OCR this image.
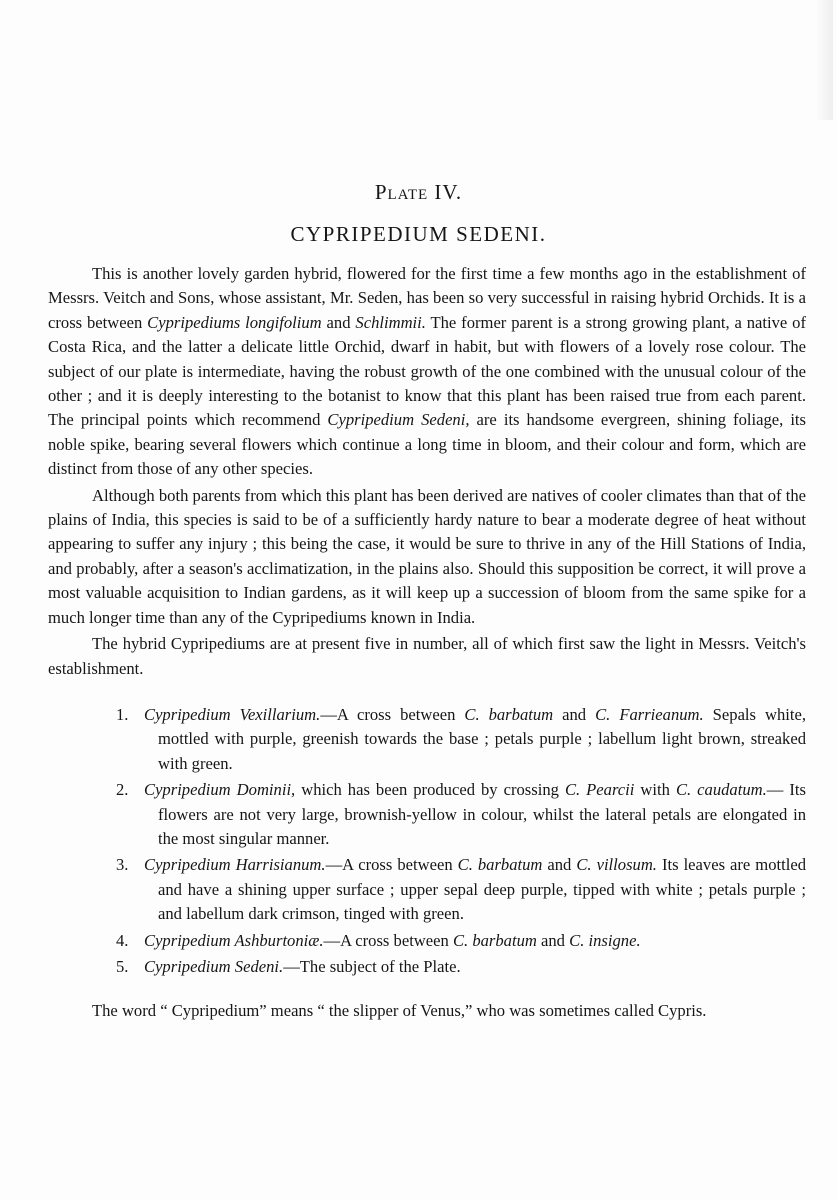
Plate IV.
CYPRIPEDIUM SEDENI.

This is another lovely garden hybrid, flowered for the first time a few months ago in the establishment of Messrs. Veitch and Sons, whose assistant, Mr. Seden, has been so very successful in raising hybrid Orchids. It is a cross between Cypripediums longifolium and Schlimmii. The former parent is a strong growing plant, a native of Costa Rica, and the latter a delicate little Orchid, dwarf in habit, but with flowers of a lovely rose colour. The subject of our plate is intermediate, having the robust growth of the one combined with the unusual colour of the other ; and it is deeply interesting to the botanist to know that this plant has been raised true from each parent. The principal points which recommend Cypripedium Sedeni, are its handsome evergreen, shining foliage, its noble spike, bearing several flowers which continue a long time in bloom, and their colour and form, which are distinct from those of any other species.

Although both parents from which this plant has been derived are natives of cooler climates than that of the plains of India, this species is said to be of a sufficiently hardy nature to bear a moderate degree of heat without appearing to suffer any injury ; this being the case, it would be sure to thrive in any of the Hill Stations of India, and probably, after a season's acclimatization, in the plains also. Should this supposition be correct, it will prove a most valuable acquisition to Indian gardens, as it will keep up a succession of bloom from the same spike for a much longer time than any of the Cypripediums known in India.

The hybrid Cypripediums are at present five in number, all of which first saw the light in Messrs. Veitch's establishment.

1. Cypripedium Vexillarium.—A cross between C. barbatum and C. Farrieanum. Sepals white, mottled with purple, greenish towards the base ; petals purple ; labellum light brown, streaked with green.
2. Cypripedium Dominii, which has been produced by crossing C. Pearcii with C. caudatum.— Its flowers are not very large, brownish-yellow in colour, whilst the lateral petals are elongated in the most singular manner.
3. Cypripedium Harrisianum.—A cross between C. barbatum and C. villosum. Its leaves are mottled and have a shining upper surface ; upper sepal deep purple, tipped with white ; petals purple ; and labellum dark crimson, tinged with green.
4. Cypripedium Ashburtoniæ.—A cross between C. barbatum and C. insigne.
5. Cypripedium Sedeni.—The subject of the Plate.

The word “ Cypripedium” means “ the slipper of Venus,” who was sometimes called Cypris.
